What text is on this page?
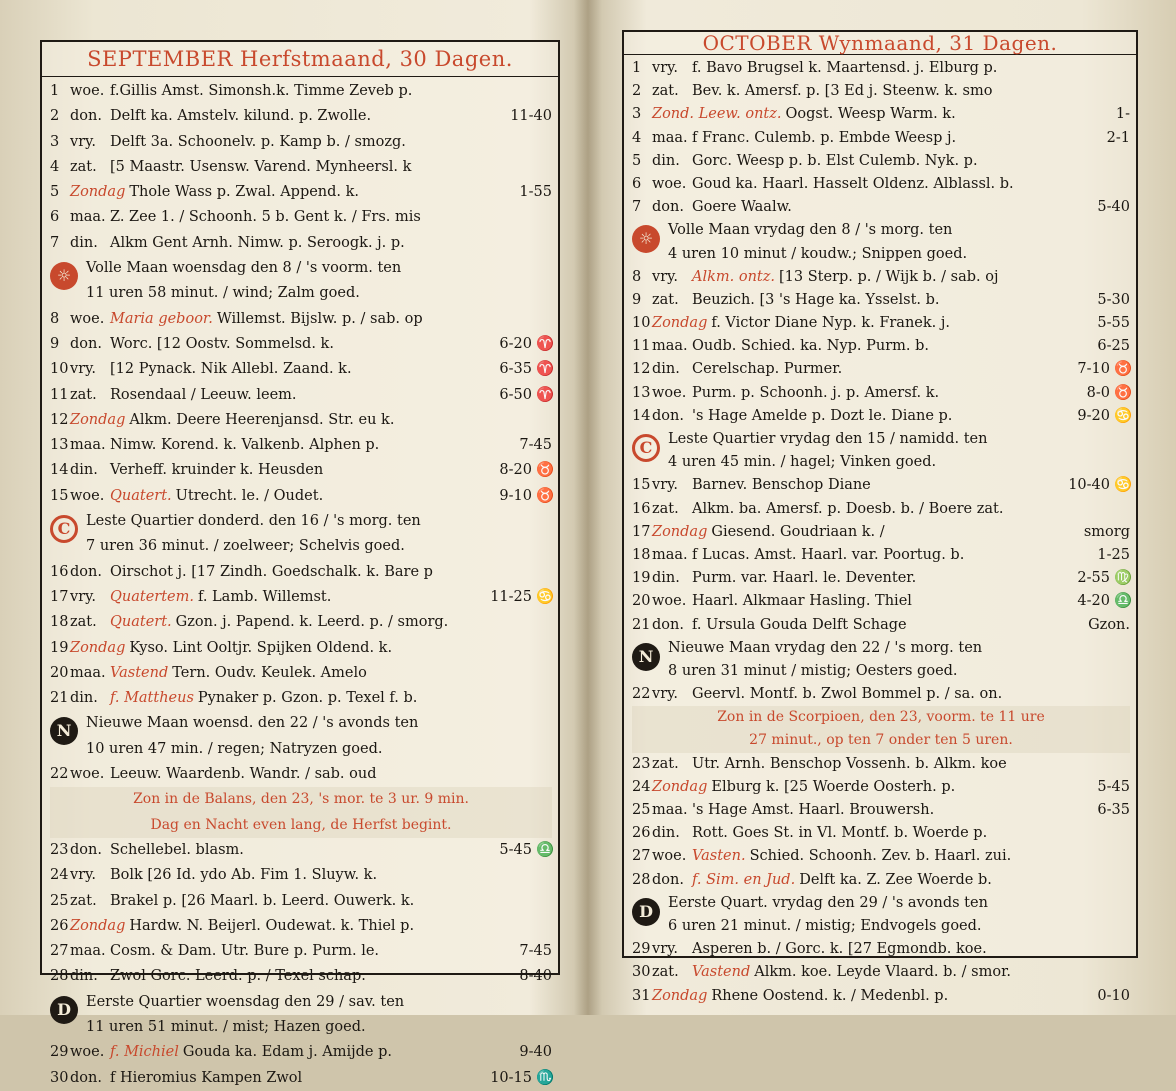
SEPTEMBER Herfstmaand, 30 Dagen.
1 woe. f.Gillis Amst. Simonsh.k. Timme Zeveb p.
2 don. Delft ka. Amstelv. kilund. p. Zwolle.	11-40
3 vry. Delft 3a. Schoonelv. p. Kamp b. / smozg.
4 zat. [5 Maastr. Usensw. Varend. Mynheersl. k
5 Zondag Thole Wass p. Zwal. Append. k.	1-55
6 maa. Z. Zee 1. / Schoonh. 5 b. Gent k. / Frs. mis
7 din. Alkm Gent Arnh. Nimw. p. Seroogk. j. p.
☼	Volle Maan woensdag den 8 / 's voorm. ten
11 uren 58 minut. / wind; Zalm goed.
8 woe. Maria geboor. Willemst. Bijslw. p. / sab. op
9 don. Worc. [12 Oostv. Sommelsd. k.	6-20 ♈
10 vry. [12 Pynack. Nik Allebl. Zaand. k.	6-35 ♈
11 zat. Rosendaal / Leeuw. leem.	6-50 ♈
12 Zondag Alkm. Deere Heerenjansd. Str. eu k.
13 maa. Nimw. Korend. k. Valkenb. Alphen p.	7-45
14 din. Verheff. kruinder k. Heusden	8-20 ♉
15 woe. Quatert. Utrecht. le. / Oudet.	9-10 ♉
C	Leste Quartier donderd. den 16 / 's morg. ten
7 uren 36 minut. / zoelweer; Schelvis goed.
16 don. Oirschot j. [17 Zindh. Goedschalk. k. Bare p
17 vry. Quatertem. f. Lamb. Willemst.	11-25 ♋
18 zat. Quatert. Gzon. j. Papend. k. Leerd. p. / smorg.
19 Zondag Kyso. Lint Ooltjr. Spijken Oldend. k.
20 maa. Vastend Tern. Oudv. Keulek. Amelo
21 din. f. Mattheus Pynaker p. Gzon. p. Texel f. b.
N	Nieuwe Maan woensd. den 22 / 's avonds ten
10 uren 47 min. / regen; Natryzen goed.
22 woe. Leeuw. Waardenb. Wandr. / sab. oud
Zon in de Balans, den 23, 's mor. te 3 ur. 9 min.
Dag en Nacht even lang, de Herfst begint.
23 don. Schellebel. blasm.	5-45 ♎
24 vry. Bolk [26 Id. ydo Ab. Fim 1. Sluyw. k.
25 zat. Brakel p. [26 Maarl. b. Leerd. Ouwerk. k.
26 Zondag Hardw. N. Beijerl. Oudewat. k. Thiel p.
27 maa. Cosm. & Dam. Utr. Bure p. Purm. le.	7-45
28 din. Zwol Gorc. Leerd. p. / Texel schap.	8-40
D	Eerste Quartier woensdag den 29 / sav. ten
11 uren 51 minut. / mist; Hazen goed.
29 woe. f. Michiel Gouda ka. Edam j. Amijde p.	9-40
30 don. f Hieromius Kampen Zwol	10-15 ♏
OCTOBER Wynmaand, 31 Dagen.
1 vry. f. Bavo Brugsel k. Maartensd. j. Elburg p.
2 zat. Bev. k. Amersf. p. [3 Ed j. Steenw. k. smo
3 Zond. Leew. ontz. Oogst. Weesp Warm. k.	1-
4 maa. f Franc. Culemb. p. Embde Weesp j.	2-1
5 din. Gorc. Weesp p. b. Elst Culemb. Nyk. p.
6 woe. Goud ka. Haarl. Hasselt Oldenz. Alblassl. b.
7 don. Goere Waalw.	5-40
☼	Volle Maan vrydag den 8 / 's morg. ten
4 uren 10 minut / koudw.; Snippen goed.
8 vry. Alkm. ontz. [13 Sterp. p. / Wijk b. / sab. oj
9 zat. Beuzich. [3 's Hage ka. Ysselst. b.	5-30
10 Zondag f. Victor Diane Nyp. k. Franek. j.	5-55
11 maa. Oudb. Schied. ka. Nyp. Purm. b.	6-25
12 din. Cerelschap. Purmer.	7-10 ♉
13 woe. Purm. p. Schoonh. j. p. Amersf. k.	8-0 ♉
14 don. 's Hage Amelde p. Dozt le. Diane p.	9-20 ♋
C	Leste Quartier vrydag den 15 / namidd. ten
4 uren 45 min. / hagel; Vinken goed.
15 vry. Barnev. Benschop Diane	10-40 ♋
16 zat. Alkm. ba. Amersf. p. Doesb. b. / Boere zat.
17 Zondag Giesend. Goudriaan k. /	smorg
18 maa. f Lucas. Amst. Haarl. var. Poortug. b.	1-25
19 din. Purm. var. Haarl. le. Deventer.	2-55 ♍
20 woe. Haarl. Alkmaar Hasling. Thiel	4-20 ♎
21 don. f. Ursula Gouda Delft Schage	Gzon.
N	Nieuwe Maan vrydag den 22 / 's morg. ten
8 uren 31 minut / mistig; Oesters goed.
22 vry. Geervl. Montf. b. Zwol Bommel p. / sa. on.
Zon in de Scorpioen, den 23, voorm. te 11 ure
27 minut., op ten 7 onder ten 5 uren.
23 zat. Utr. Arnh. Benschop Vossenh. b. Alkm. koe
24 Zondag Elburg k. [25 Woerde Oosterh. p.	5-45
25 maa. 's Hage Amst. Haarl. Brouwersh.	6-35
26 din. Rott. Goes St. in Vl. Montf. b. Woerde p.
27 woe. Vasten. Schied. Schoonh. Zev. b. Haarl. zui.
28 don. f. Sim. en Jud. Delft ka. Z. Zee Woerde b.
D	Eerste Quart. vrydag den 29 / 's avonds ten
6 uren 21 minut. / mistig; Endvogels goed.
29 vry. Asperen b. / Gorc. k. [27 Egmondb. koe.
30 zat. Vastend Alkm. koe. Leyde Vlaard. b. / smor.
31 Zondag Rhene Oostend. k. / Medenbl. p.	0-10
